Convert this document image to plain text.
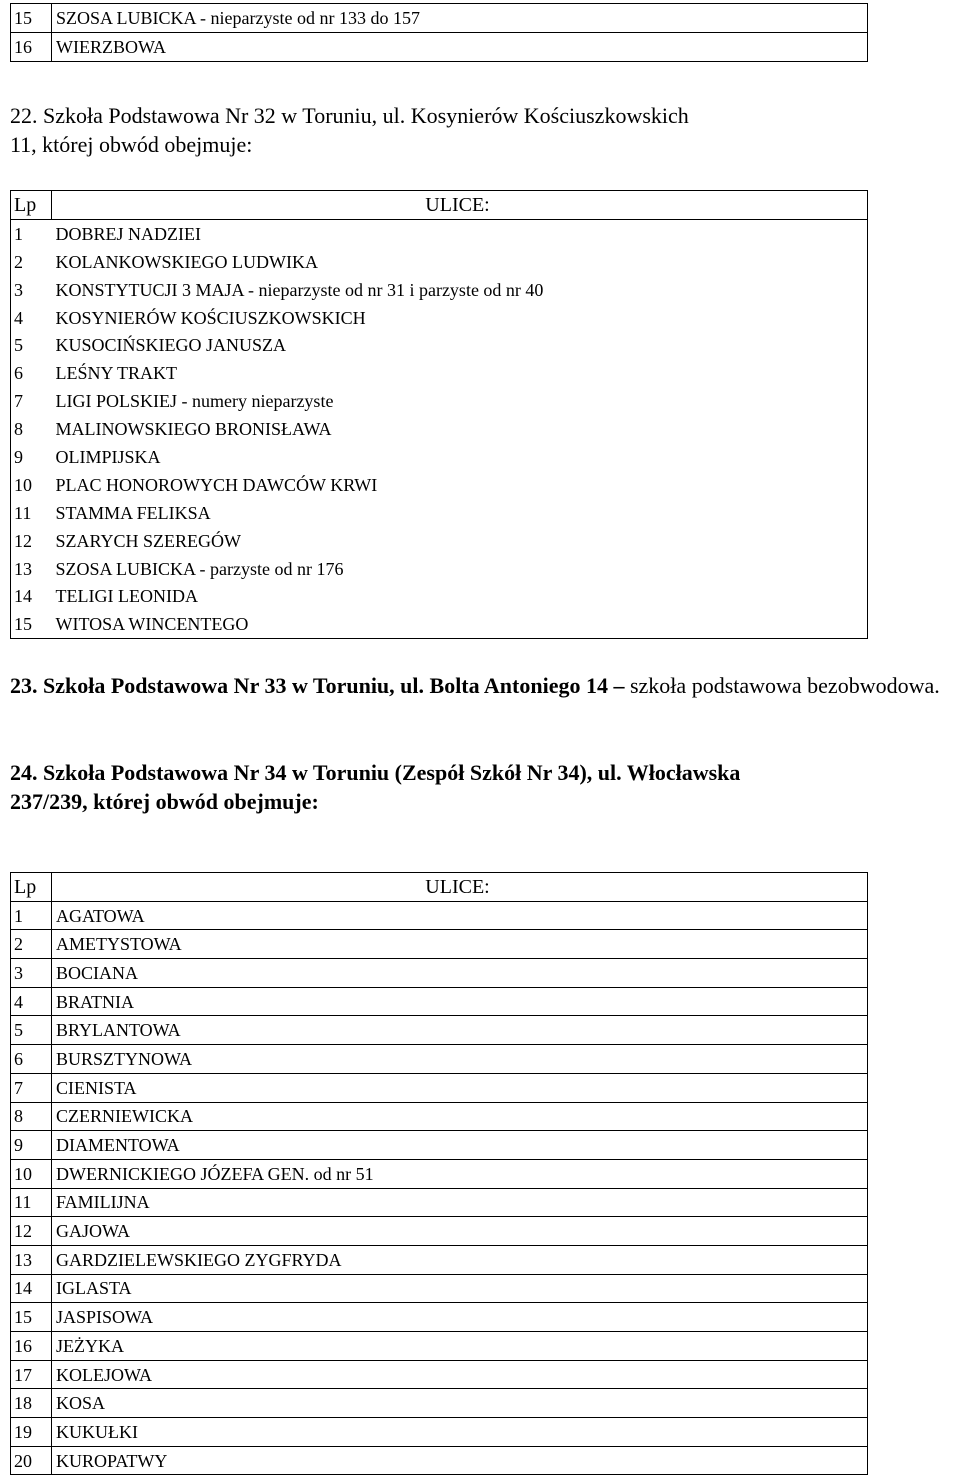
15	SZOSA LUBICKA - nieparzyste od nr 133 do 157
16	WIERZBOWA
22. Szkoła Podstawowa Nr 32 w Toruniu, ul. Kosynierów Kościuszkowskich
11, której obwód obejmuje:
Lp	ULICE:
1	DOBREJ NADZIEI
2	KOLANKOWSKIEGO LUDWIKA
3	KONSTYTUCJI 3 MAJA - nieparzyste od nr 31 i parzyste od nr 40
4	KOSYNIERÓW KOŚCIUSZKOWSKICH
5	KUSOCIŃSKIEGO JANUSZA
6	LEŚNY TRAKT
7	LIGI POLSKIEJ - numery nieparzyste
8	MALINOWSKIEGO BRONISŁAWA
9	OLIMPIJSKA
10	PLAC HONOROWYCH DAWCÓW KRWI
11	STAMMA FELIKSA
12	SZARYCH SZEREGÓW
13	SZOSA LUBICKA - parzyste od nr 176
14	TELIGI LEONIDA
15	WITOSA WINCENTEGO
23. Szkoła Podstawowa Nr 33 w Toruniu, ul. Bolta Antoniego 14 – szkoła podstawowa bezobwodowa.
24. Szkoła Podstawowa Nr 34 w Toruniu (Zespół Szkół Nr 34), ul. Włocławska
237/239, której obwód obejmuje:
Lp	ULICE:
1	AGATOWA
2	AMETYSTOWA
3	BOCIANA
4	BRATNIA
5	BRYLANTOWA
6	BURSZTYNOWA
7	CIENISTA
8	CZERNIEWICKA
9	DIAMENTOWA
10	DWERNICKIEGO JÓZEFA GEN. od nr 51
11	FAMILIJNA
12	GAJOWA
13	GARDZIELEWSKIEGO ZYGFRYDA
14	IGLASTA
15	JASPISOWA
16	JEŻYKA
17	KOLEJOWA
18	KOSA
19	KUKUŁKI
20	KUROPATWY
